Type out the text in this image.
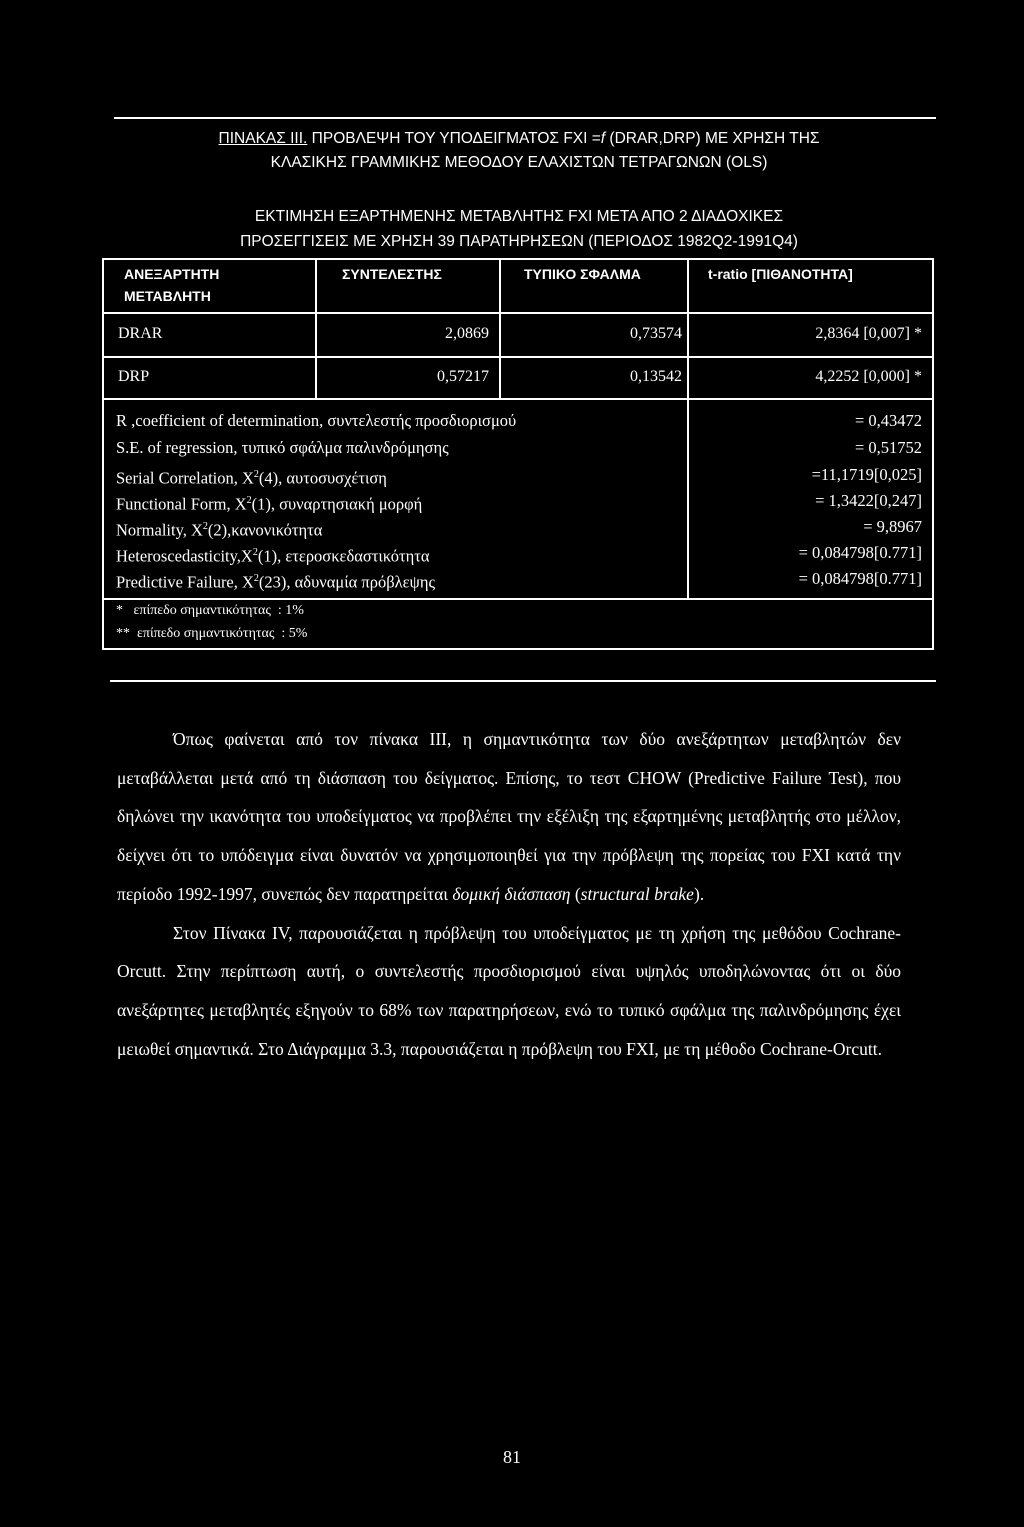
ΠΙΝΑΚΑΣ III. ΠΡΟΒΛΕΨΗ ΤΟΥ ΥΠΟΔΕΙΓΜΑΤΟΣ FXI =f (DRAR,DRP) ΜΕ ΧΡΗΣΗ ΤΗΣ
ΚΛΑΣΙΚΗΣ ΓΡΑΜΜΙΚΗΣ ΜΕΘΟΔΟΥ ΕΛΑΧΙΣΤΩΝ ΤΕΤΡΑΓΩΝΩΝ (OLS)
ΕΚΤΙΜΗΣΗ ΕΞΑΡΤΗΜΕΝΗΣ ΜΕΤΑΒΛΗΤΗΣ FXI ΜΕΤΑ ΑΠΟ 2 ΔΙΑΔΟΧΙΚΕΣ
ΠΡΟΣΕΓΓΙΣΕΙΣ ΜΕ ΧΡΗΣΗ 39 ΠΑΡΑΤΗΡΗΣΕΩΝ (ΠΕΡΙΟΔΟΣ 1982Q2-1991Q4)
ΑΝΕΞΑΡΤΗΤΗ
ΜΕΤΑΒΛΗΤΗ
ΣΥΝΤΕΛΕΣΤΗΣ	ΤΥΠΙΚΟ ΣΦΑΛΜΑ	t-ratio [ΠΙΘΑΝΟΤΗΤΑ]
DRAR	2,0869	0,73574	2,8364 [0,007] *
DRP	0,57217	0,13542	4,2252 [0,000] *
R ,coefficient of determination, συντελεστής προσδιορισμού	= 0,43472
S.E. of regression, τυπικό σφάλμα παλινδρόμησης	= 0,51752
Serial Correlation, $X^2(4)$, αυτοσυσχέτιση	=11,1719[0,025]
Functional Form, $X^2(1)$, συναρτησιακή μορφή	= 1,3422[0,247]
Normality, $X^2(2),\kappa\alpha\nu o\nu\iota\kappa ό\tau\eta\tau\alpha$	= 9,8967
$Heteroscedasticity,X^2(1)$, ετεροσκεδαστικότητα	= 0,084798[0.771]
Predictive Failure, $X^2(23)$, αδυναμία πρόβλεψης	= 0,084798[0.771]
*   επίπεδο σημαντικότητας  : 1%
**  επίπεδο σημαντικότητας  : 5%

Όπως φαίνεται από τον πίνακα III, η σημαντικότητα των δύο ανεξάρτητων μεταβλητών δεν μεταβάλλεται μετά από τη διάσπαση του δείγματος. Επίσης, το τεστ CHOW (Predictive Failure Test), που δηλώνει την ικανότητα του υποδείγματος να προβλέπει την εξέλιξη της εξαρτημένης μεταβλητής στο μέλλον, δείχνει ότι το υπόδειγμα είναι δυνατόν να χρησιμοποιηθεί για την πρόβλεψη της πορείας του FXI κατά την περίοδο 1992-1997, συνεπώς δεν παρατηρείται δομική διάσπαση (structural brake).

Στον Πίνακα IV, παρουσιάζεται η πρόβλεψη του υποδείγματος με τη χρήση της μεθόδου Cochrane-Orcutt. Στην περίπτωση αυτή, ο συντελεστής προσδιορισμού είναι υψηλός υποδηλώνοντας ότι οι δύο ανεξάρτητες μεταβλητές εξηγούν το 68% των παρατηρήσεων, ενώ το τυπικό σφάλμα της παλινδρόμησης έχει μειωθεί σημαντικά. Στο Διάγραμμα 3.3, παρουσιάζεται η πρόβλεψη του FXI, με τη μέθοδο Cochrane-Orcutt.

81
